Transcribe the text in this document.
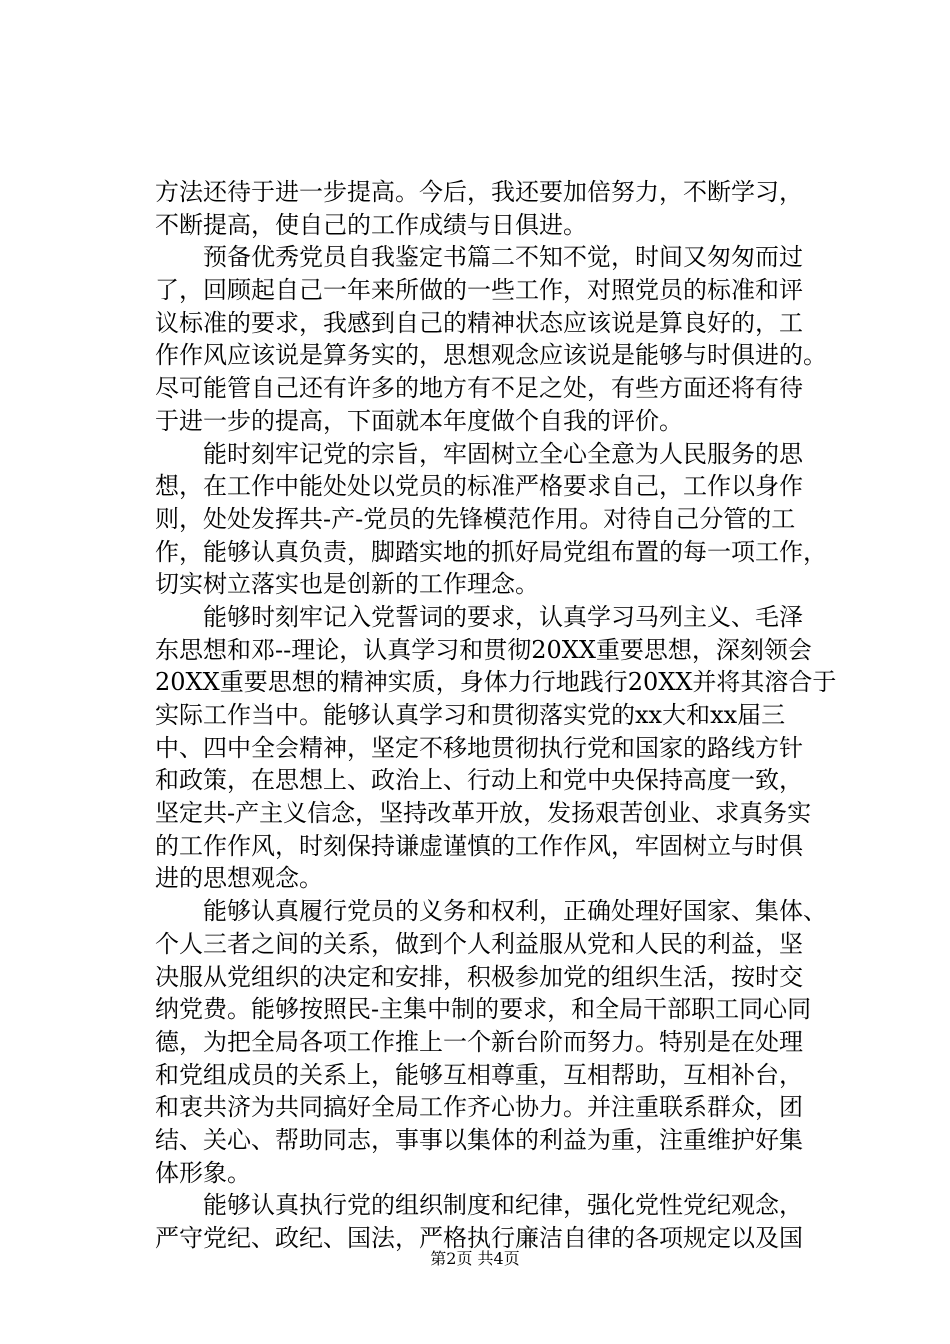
方法还待于进一步提高。今后，我还要加倍努力，不断学习，
不断提高，使自己的工作成绩与日俱进。
　　预备优秀党员自我鉴定书篇二不知不觉，时间又匆匆而过
了，回顾起自己一年来所做的一些工作，对照党员的标准和评
议标准的要求，我感到自己的精神状态应该说是算良好的，工
作作风应该说是算务实的，思想观念应该说是能够与时俱进的。
尽可能管自己还有许多的地方有不足之处，有些方面还将有待
于进一步的提高，下面就本年度做个自我的评价。
　　能时刻牢记党的宗旨，牢固树立全心全意为人民服务的思
想，在工作中能处处以党员的标准严格要求自己，工作以身作
则，处处发挥共-产-党员的先锋模范作用。对待自己分管的工
作，能够认真负责，脚踏实地的抓好局党组布置的每一项工作，
切实树立落实也是创新的工作理念。
　　能够时刻牢记入党誓词的要求，认真学习马列主义、毛泽
东思想和邓--理论，认真学习和贯彻20XX重要思想，深刻领会
20XX重要思想的精神实质，身体力行地践行20XX并将其溶合于
实际工作当中。能够认真学习和贯彻落实党的xx大和xx届三
中、四中全会精神，坚定不移地贯彻执行党和国家的路线方针
和政策，在思想上、政治上、行动上和党中央保持高度一致，
坚定共-产主义信念，坚持改革开放，发扬艰苦创业、求真务实
的工作作风，时刻保持谦虚谨慎的工作作风，牢固树立与时俱
进的思想观念。
　　能够认真履行党员的义务和权利，正确处理好国家、集体、
个人三者之间的关系，做到个人利益服从党和人民的利益，坚
决服从党组织的决定和安排，积极参加党的组织生活，按时交
纳党费。能够按照民-主集中制的要求，和全局干部职工同心同
德，为把全局各项工作推上一个新台阶而努力。特别是在处理
和党组成员的关系上，能够互相尊重，互相帮助，互相补台，
和衷共济为共同搞好全局工作齐心协力。并注重联系群众，团
结、关心、帮助同志，事事以集体的利益为重，注重维护好集
体形象。
　　能够认真执行党的组织制度和纪律，强化党性党纪观念，
严守党纪、政纪、国法，严格执行廉洁自律的各项规定以及国
第2页 共4页
